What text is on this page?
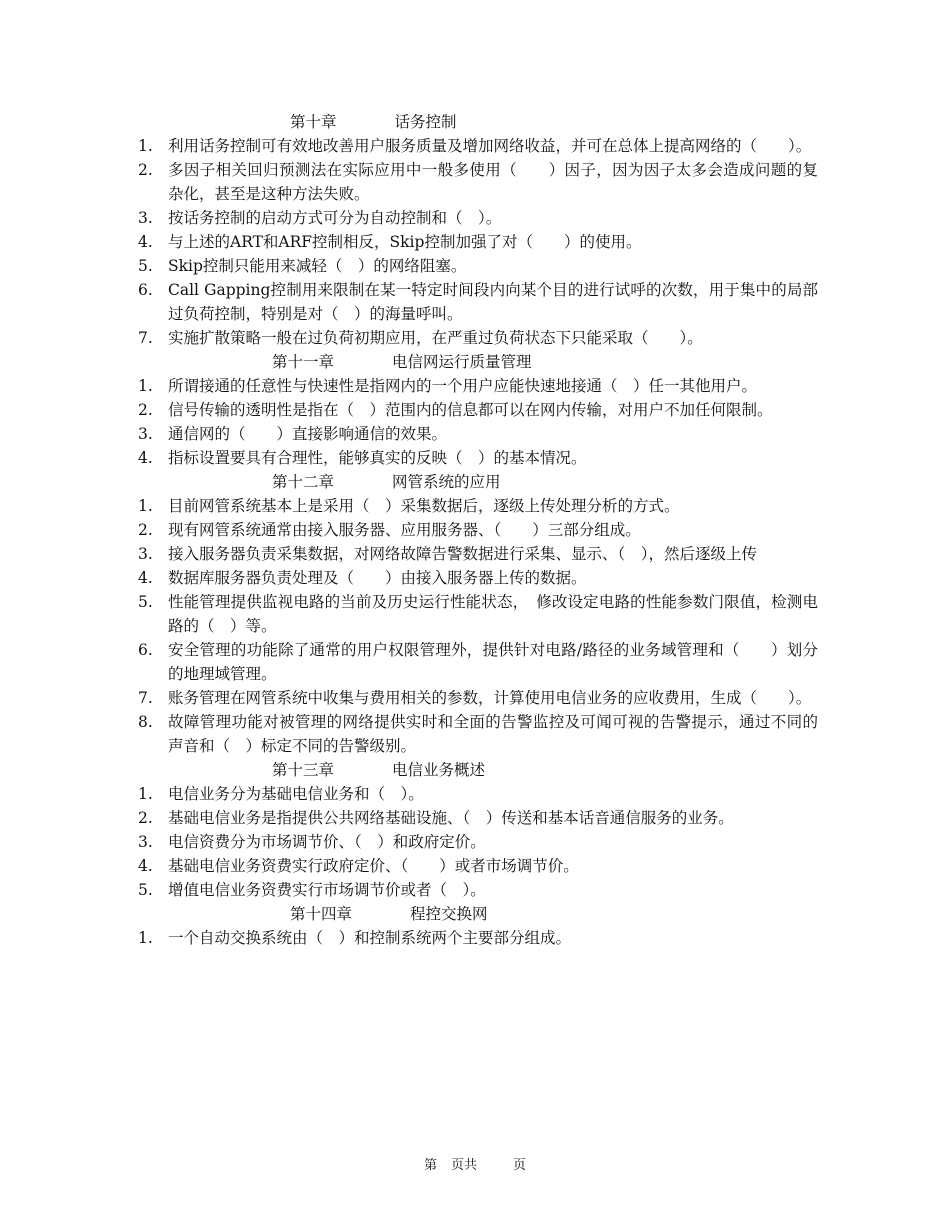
第十章	话务控制
1. 利用话务控制可有效地改善用户服务质量及增加网络收益，并可在总体上提高网络的（　　）。
2. 多因子相关回归预测法在实际应用中一般多使用（　　）因子，因为因子太多会造成问题的复杂化，甚至是这种方法失败。
3. 按话务控制的启动方式可分为自动控制和（　）。
4. 与上述的ART和ARF控制相反，Skip控制加强了对（　　）的使用。
5. Skip控制只能用来减轻（　）的网络阻塞。
6. Call Gapping控制用来限制在某一特定时间段内向某个目的进行试呼的次数，用于集中的局部过负荷控制，特别是对（　）的海量呼叫。
7. 实施扩散策略一般在过负荷初期应用，在严重过负荷状态下只能采取（　　）。
第十一章	电信网运行质量管理
1. 所谓接通的任意性与快速性是指网内的一个用户应能快速地接通（　）任一其他用户。
2. 信号传输的透明性是指在（　）范围内的信息都可以在网内传输，对用户不加任何限制。
3. 通信网的（　　）直接影响通信的效果。
4. 指标设置要具有合理性，能够真实的反映（　）的基本情况。
第十二章	网管系统的应用
1. 目前网管系统基本上是采用（　）采集数据后，逐级上传处理分析的方式。
2. 现有网管系统通常由接入服务器、应用服务器、（　　）三部分组成。
3. 接入服务器负责采集数据，对网络故障告警数据进行采集、显示、（　），然后逐级上传
4. 数据库服务器负责处理及（　　）由接入服务器上传的数据。
5. 性能管理提供监视电路的当前及历史运行性能状态，　修改设定电路的性能参数门限值，检测电路的（　）等。
6. 安全管理的功能除了通常的用户权限管理外，提供针对电路/路径的业务域管理和（　　）划分的地理域管理。
7. 账务管理在网管系统中收集与费用相关的参数，计算使用电信业务的应收费用，生成（　　）。
8. 故障管理功能对被管理的网络提供实时和全面的告警监控及可闻可视的告警提示，通过不同的声音和（　）标定不同的告警级别。
第十三章	电信业务概述
1. 电信业务分为基础电信业务和（　）。
2. 基础电信业务是指提供公共网络基础设施、（　）传送和基本话音通信服务的业务。
3. 电信资费分为市场调节价、（　）和政府定价。
4. 基础电信业务资费实行政府定价、（　　）或者市场调节价。
5. 增值电信业务资费实行市场调节价或者（　）。
第十四章	程控交换网
1. 一个自动交换系统由（　）和控制系统两个主要部分组成。
第 页共	页
